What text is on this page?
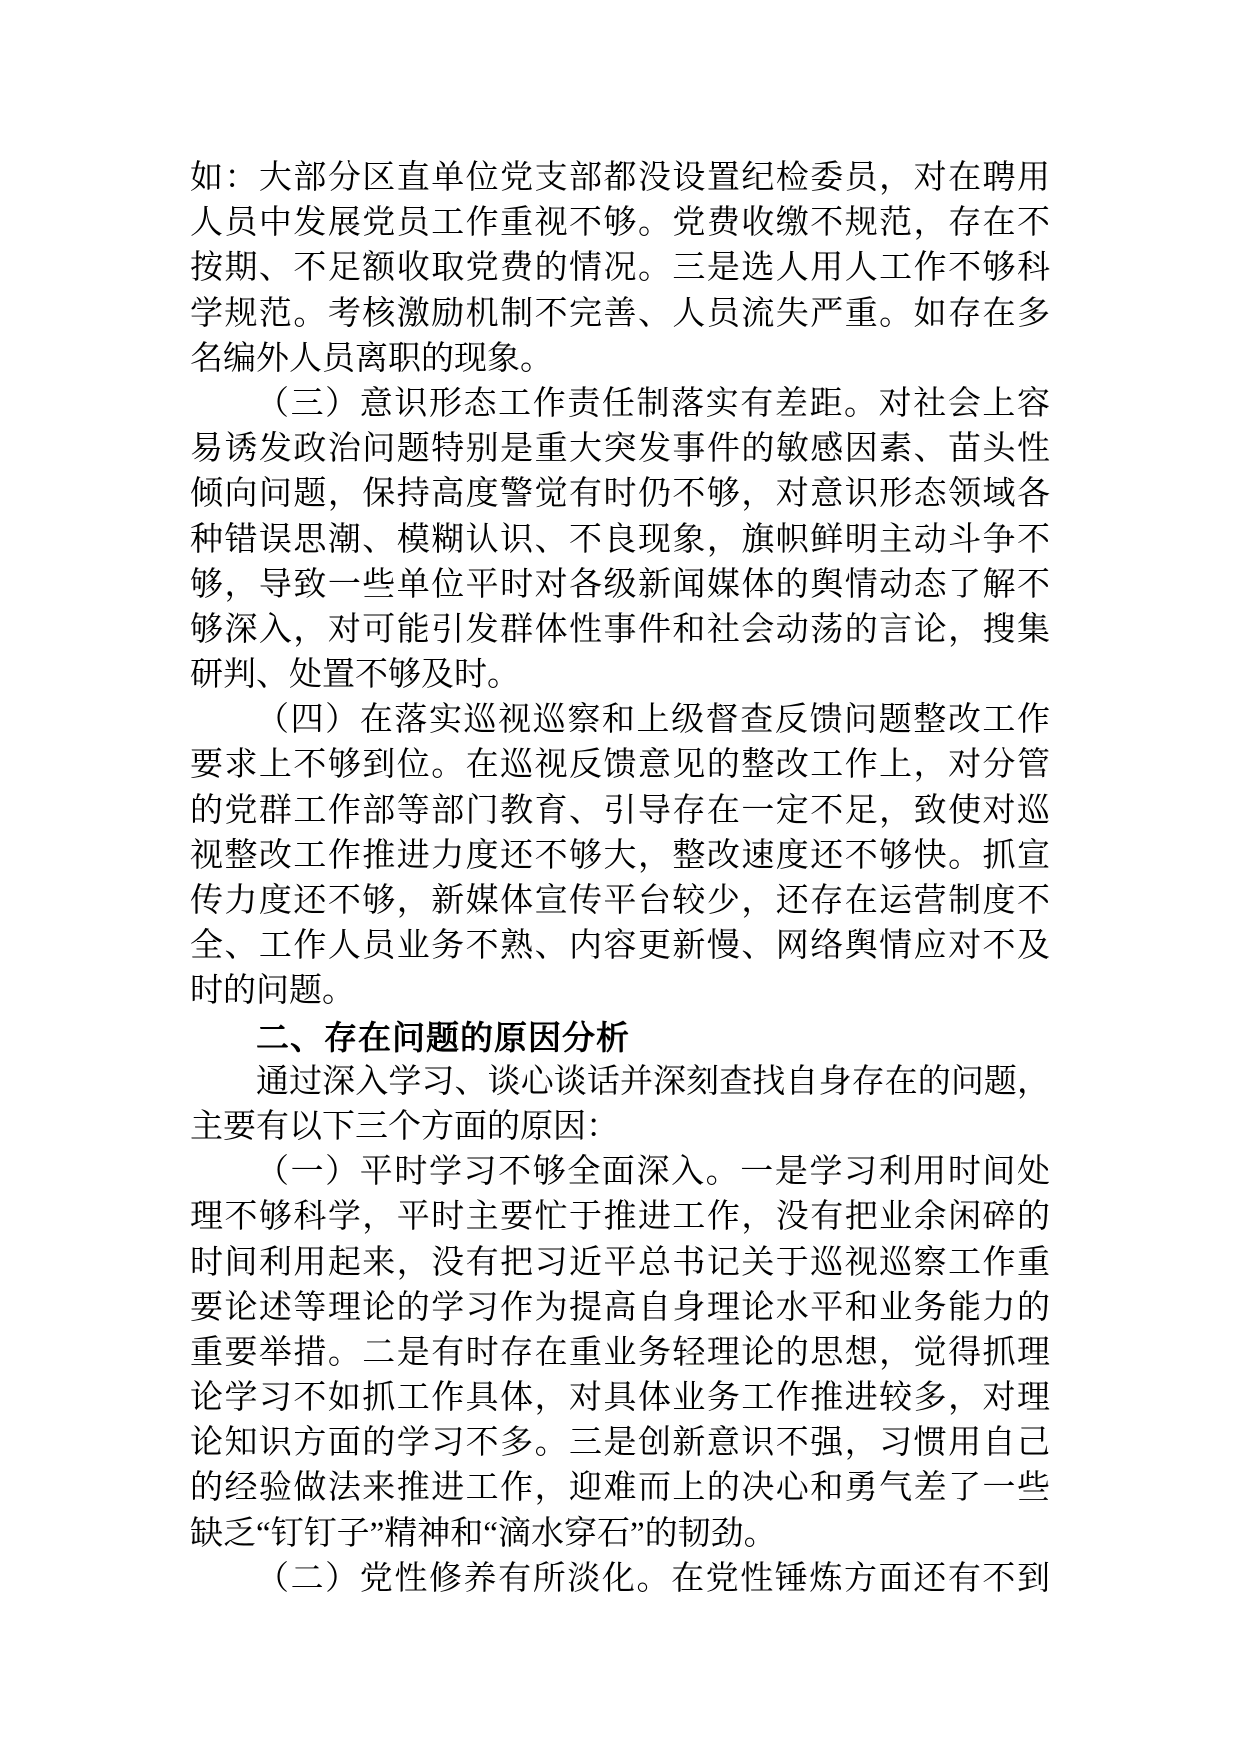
如：大部分区直单位党支部都没设置纪检委员，对在聘用
人员中发展党员工作重视不够。党费收缴不规范，存在不
按期、不足额收取党费的情况。三是选人用人工作不够科
学规范。考核激励机制不完善、人员流失严重。如存在多
名编外人员离职的现象。
（三）意识形态工作责任制落实有差距。对社会上容
易诱发政治问题特别是重大突发事件的敏感因素、苗头性
倾向问题，保持高度警觉有时仍不够，对意识形态领域各
种错误思潮、模糊认识、不良现象，旗帜鲜明主动斗争不
够，导致一些单位平时对各级新闻媒体的舆情动态了解不
够深入，对可能引发群体性事件和社会动荡的言论，搜集
研判、处置不够及时。
（四）在落实巡视巡察和上级督查反馈问题整改工作
要求上不够到位。在巡视反馈意见的整改工作上，对分管
的党群工作部等部门教育、引导存在一定不足，致使对巡
视整改工作推进力度还不够大，整改速度还不够快。抓宣
传力度还不够，新媒体宣传平台较少，还存在运营制度不
全、工作人员业务不熟、内容更新慢、网络舆情应对不及
时的问题。
二、存在问题的原因分析
通过深入学习、谈心谈话并深刻查找自身存在的问题，
主要有以下三个方面的原因：
（一）平时学习不够全面深入。一是学习利用时间处
理不够科学，平时主要忙于推进工作，没有把业余闲碎的
时间利用起来，没有把习近平总书记关于巡视巡察工作重
要论述等理论的学习作为提高自身理论水平和业务能力的
重要举措。二是有时存在重业务轻理论的思想，觉得抓理
论学习不如抓工作具体，对具体业务工作推进较多，对理
论知识方面的学习不多。三是创新意识不强，习惯用自己
的经验做法来推进工作，迎难而上的决心和勇气差了一些
缺乏“钉钉子”精神和“滴水穿石”的韧劲。
（二）党性修养有所淡化。在党性锤炼方面还有不到
